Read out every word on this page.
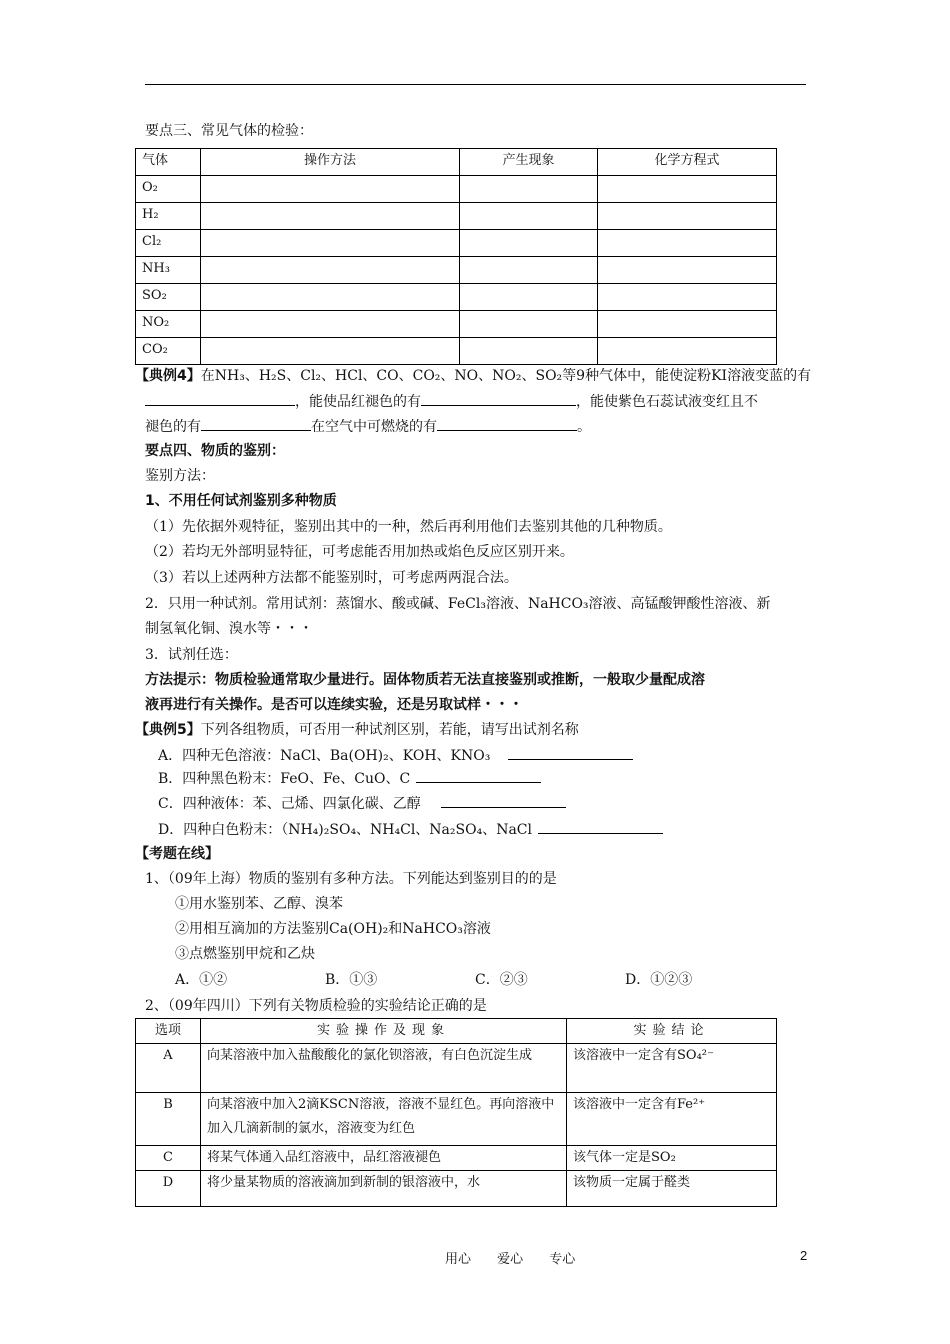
要点三、常见气体的检验：
气体	操作方法	产生现象	化学方程式
O₂			
H₂			
Cl₂			
NH₃			
SO₂			
NO₂			
CO₂			
【典例4】在NH₃、H₂S、Cl₂、HCl、CO、CO₂、NO、NO₂、SO₂等9种气体中，能使淀粉KI溶液变蓝的有
，能使品红褪色的有	，能使紫色石蕊试液变红且不
褪色的有	在空气中可燃烧的有	。
要点四、物质的鉴别：
鉴别方法：
1、不用任何试剂鉴别多种物质
（1）先依据外观特征，鉴别出其中的一种，然后再利用他们去鉴别其他的几种物质。
（2）若均无外部明显特征，可考虑能否用加热或焰色反应区别开来。
（3）若以上述两种方法都不能鉴别时，可考虑两两混合法。
2．只用一种试剂。常用试剂：蒸馏水、酸或碱、FeCl₃溶液、NaHCO₃溶液、高锰酸钾酸性溶液、新
制氢氧化铜、溴水等・・・
3．试剂任选：
方法提示：物质检验通常取少量进行。固体物质若无法直接鉴别或推断，一般取少量配成溶
液再进行有关操作。是否可以连续实验，还是另取试样・・・
【典例5】下列各组物质，可否用一种试剂区别，若能，请写出试剂名称
A．四种无色溶液：NaCl、Ba(OH)₂、KOH、KNO₃
B．四种黑色粉末：FeO、Fe、CuO、C
C．四种液体：苯、己烯、四氯化碳、乙醇
D．四种白色粉末：（NH₄)₂SO₄、NH₄Cl、Na₂SO₄、NaCl
【考题在线】
1、（09年上海）物质的鉴别有多种方法。下列能达到鉴别目的的是
①用水鉴别苯、乙醇、溴苯
②用相互滴加的方法鉴别Ca(OH)₂和NaHCO₃溶液
③点燃鉴别甲烷和乙炔
A．①②	B．①③	C．②③	D．①②③
2、（09年四川）下列有关物质检验的实验结论正确的是
选项	实验操作及现象	实验结论
A	向某溶液中加入盐酸酸化的氯化钡溶液，有白色沉淀生成	该溶液中一定含有SO₄²⁻
B	向某溶液中加入2滴KSCN溶液，溶液不显红色。再向溶液中加入几滴新制的氯水，溶液变为红色	该溶液中一定含有Fe²⁺
C	将某气体通入品红溶液中，品红溶液褪色	该气体一定是SO₂
D	将少量某物质的溶液滴加到新制的银溶液中，水	该物质一定属于醛类
用心 爱心 专心	2
